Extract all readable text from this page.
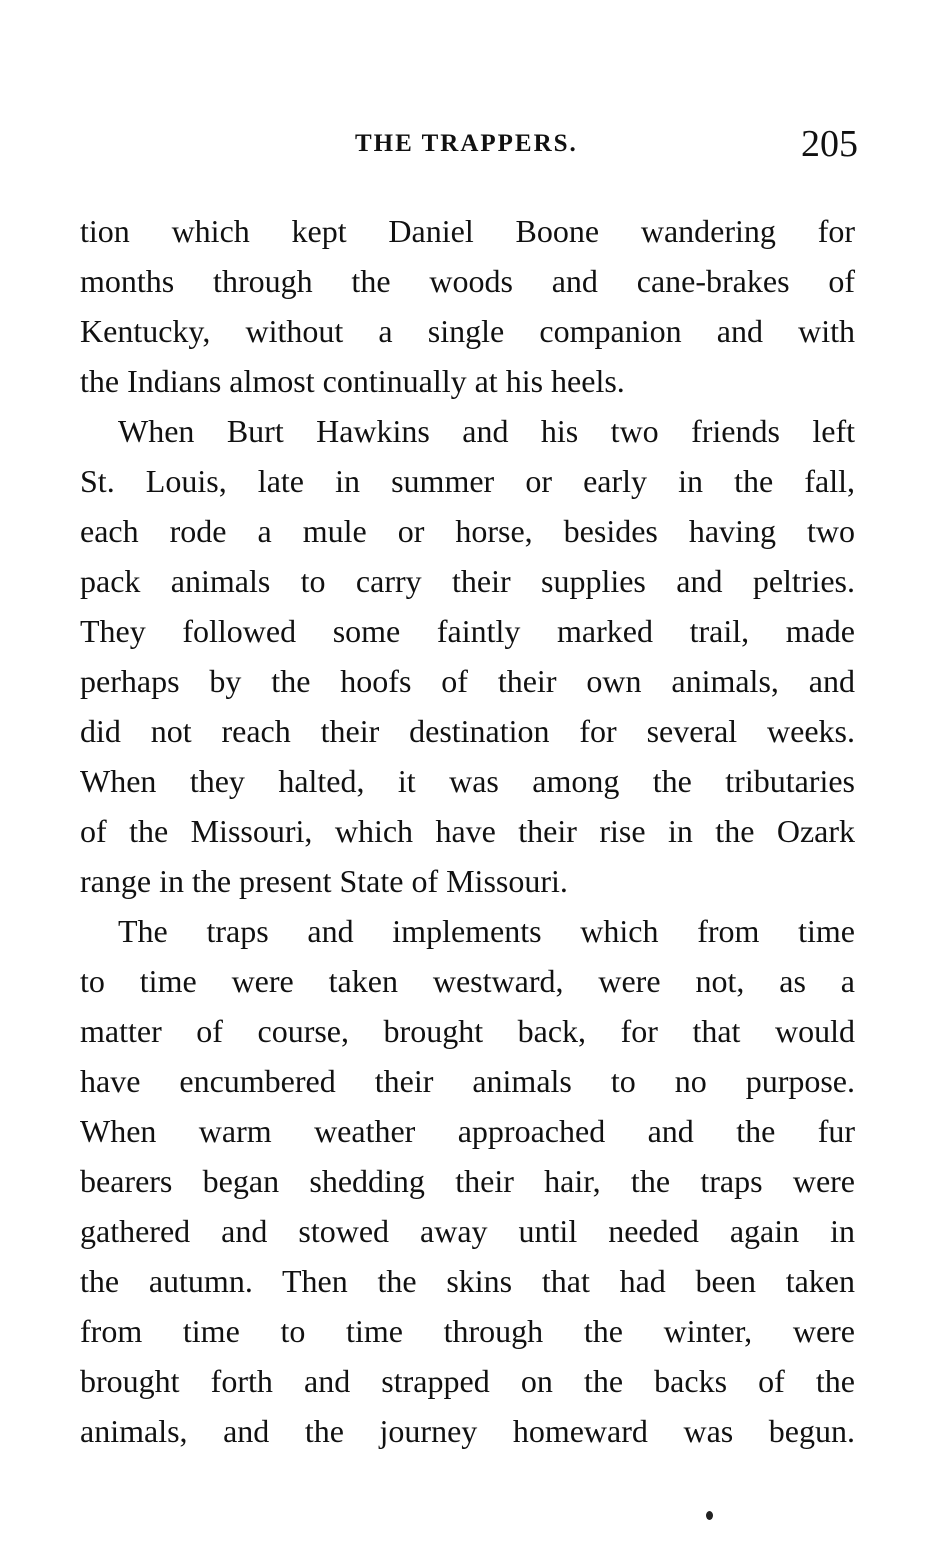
THE TRAPPERS.	205
tion which kept Daniel Boone wandering for
months through the woods and cane-brakes of
Kentucky, without a single companion and with
the Indians almost continually at his heels.
When Burt Hawkins and his two friends left
St. Louis, late in summer or early in the fall,
each rode a mule or horse, besides having two
pack animals to carry their supplies and peltries.
They followed some faintly marked trail, made
perhaps by the hoofs of their own animals, and
did not reach their destination for several weeks.
When they halted, it was among the tributaries
of the Missouri, which have their rise in the Ozark
range in the present State of Missouri.
The traps and implements which from time
to time were taken westward, were not, as a
matter of course, brought back, for that would
have encumbered their animals to no purpose.
When warm weather approached and the fur
bearers began shedding their hair, the traps were
gathered and stowed away until needed again in
the autumn. Then the skins that had been taken
from time to time through the winter, were
brought forth and strapped on the backs of the
animals, and the journey homeward was begun.
